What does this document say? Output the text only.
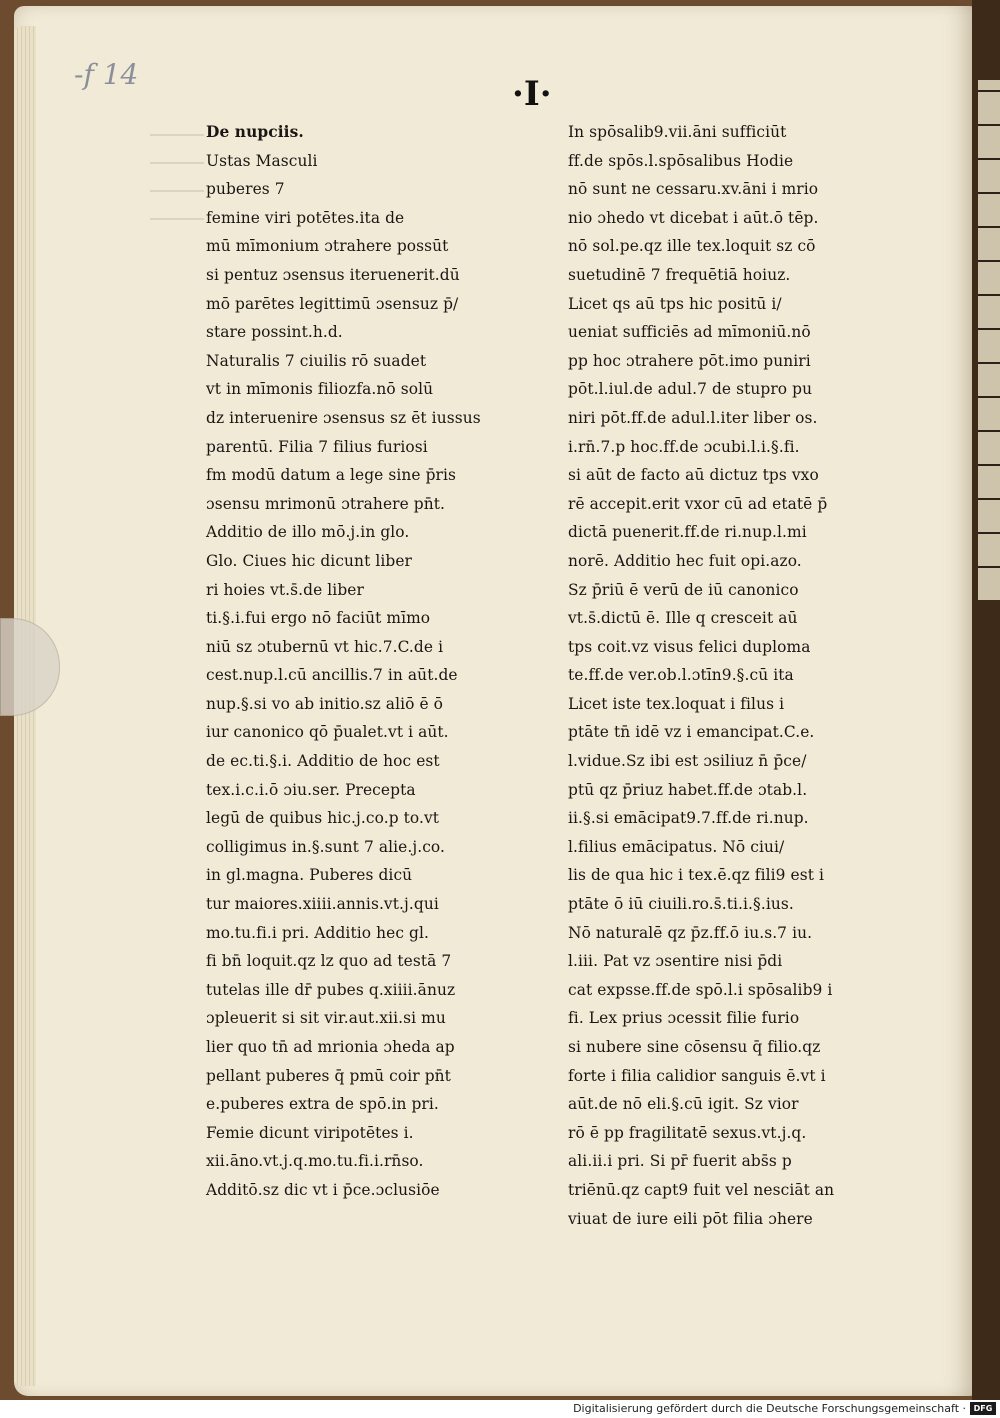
-f 14	·I·
De nupciis.
Ustas Masculi
puberes 7
femine viri potētes.ita de
mū mīmonium ɔtrahere possūt
si pentuz ɔsensus iteruenerit.dū
mō parētes legittimū ɔsensuz p̄/
stare possint.h.d.
Naturalis 7 ciuilis rō suadet
vt in mīmonis filiozfa.nō solū
dz interuenire ɔsensus sz ēt iussus
parentū. Filia 7 filius furiosi
fm modū datum a lege sine p̄ris
ɔsensu mrimonū ɔtrahere pn̄t.
Additio de illo mō.j.in glo.
Glo. Ciues hic dicunt liber
ri hoies vt.s̄.de liber
ti.§.i.fui ergo nō faciūt mīmo
niū sz ɔtubernū vt hic.7.C.de i
cest.nup.l.cū ancillis.7 in aūt.de
nup.§.si vo ab initio.sz aliō ē ō
iur canonico qō p̄ualet.vt i aūt.
de ec.ti.§.i. Additio de hoc est
tex.i.c.i.ō ɔiu.ser. Precepta
legū de quibus hic.j.co.p to.vt
colligimus in.§.sunt 7 alie.j.co.
in gl.magna. Puberes dicū
tur maiores.xiiii.annis.vt.j.qui
mo.tu.fi.i pri. Additio hec gl.
fi bn̄ loquit.qz lz quo ad testā 7
tutelas ille dr̄ pubes q.xiiii.ānuz
ɔpleuerit si sit vir.aut.xii.si mu
lier quo tn̄ ad mrionia ɔheda ap
pellant puberes q̄ pmū coir pn̄t
e.puberes extra de spō.in pri.
Femie dicunt viripotētes i.
xii.āno.vt.j.q.mo.tu.fi.i.rn̄so.
Additō.sz dic vt i p̄ce.ɔclusiōe
In spōsalib9.vii.āni sufficiūt
ff.de spōs.l.spōsalibus Hodie
nō sunt ne cessaru.xv.āni i mrio
nio ɔhedo vt dicebat i aūt.ō tēp.
nō sol.pe.qz ille tex.loquit sz cō
suetudinē 7 frequētiā hoiuz.
Licet qs aū tps hic positū i/
ueniat sufficiēs ad mīmoniū.nō
pp hoc ɔtrahere pōt.imo puniri
pōt.l.iul.de adul.7 de stupro pu
niri pōt.ff.de adul.l.iter liber os.
i.rn̄.7.p hoc.ff.de ɔcubi.l.i.§.fi.
si aūt de facto aū dictuz tps vxo
rē accepit.erit vxor cū ad etatē p̄
dictā puenerit.ff.de ri.nup.l.mi
norē. Additio hec fuit opi.azo.
Sz p̄riū ē verū de iū canonico
vt.s̄.dictū ē. Ille q cresceit aū
tps coit.vz visus felici duploma
te.ff.de ver.ob.l.ɔtīn9.§.cū ita
Licet iste tex.loquat i filus i
ptāte tn̄ idē vz i emancipat.C.e.
l.vidue.Sz ibi est ɔsiliuz n̄ p̄ce/
ptū qz p̄riuz habet.ff.de ɔtab.l.
ii.§.si emācipat9.7.ff.de ri.nup.
l.filius emācipatus. Nō ciui/
lis de qua hic i tex.ē.qz fili9 est i
ptāte ō iū ciuili.ro.s̄.ti.i.§.ius.
Nō naturalē qz p̄z.ff.ō iu.s.7 iu.
l.iii. Pat vz ɔsentire nisi p̄di
cat expsse.ff.de spō.l.i spōsalib9 i
fi. Lex prius ɔcessit filie furio
si nubere sine cōsensu q̄ filio.qz
forte i filia calidior sanguis ē.vt i
aūt.de nō eli.§.cū igit. Sz vior
rō ē pp fragilitatē sexus.vt.j.q.
ali.ii.i pri. Si pr̄ fuerit abs̄s p
triēnū.qz capt9 fuit vel nesciāt an
viuat de iure eili pōt filia ɔhere
Digitalisierung gefördert durch die Deutsche Forschungsgemeinschaft · DFG
